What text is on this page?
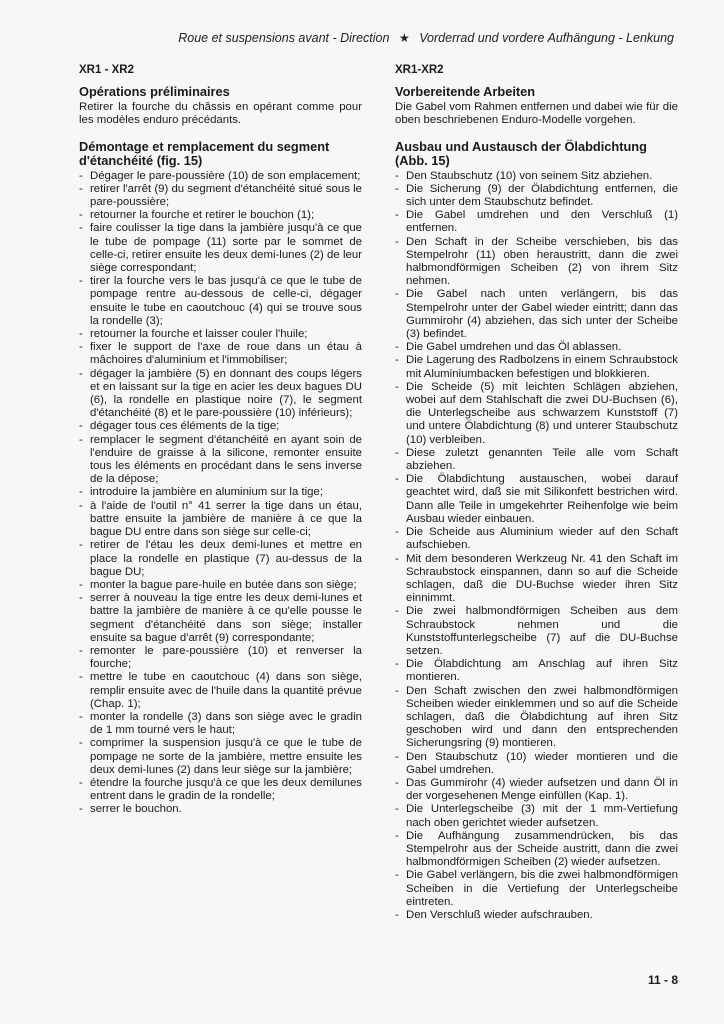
Roue et suspensions avant - Direction ★ Vorderrad und vordere Aufhängung - Lenkung
XR1 - XR2
Opérations préliminaires
Retirer la fourche du châssis en opérant comme pour les modèles enduro précédants.
Démontage et remplacement du segment d'étanchéité (fig. 15)
- Dégager le pare-poussière (10) de son emplacement;
- retirer l'arrêt (9) du segment d'étanchéité situé sous le pare-poussière;
- retourner la fourche et retirer le bouchon (1);
- faire coulisser la tige dans la jambière jusqu'à ce que le tube de pompage (11) sorte par le sommet de celle-ci, retirer ensuite les deux demi-lunes (2) de leur siège correspondant;
- tirer la fourche vers le bas jusqu'à ce que le tube de pompage rentre au-dessous de celle-ci, dégager ensuite le tube en caoutchouc (4) qui se trouve sous la rondelle (3);
- retourner la fourche et laisser couler l'huile;
- fixer le support de l'axe de roue dans un étau à mâchoires d'aluminium et l'immobiliser;
- dégager la jambière (5) en donnant des coups légers et en laissant sur la tige en acier les deux bagues DU (6), la rondelle en plastique noire (7), le segment d'étanchéité (8) et le pare-poussière (10) inférieurs);
- dégager tous ces éléments de la tige;
- remplacer le segment d'étanchéité en ayant soin de l'enduire de graisse à la silicone, remonter ensuite tous les éléments en procédant dans le sens inverse de la dépose;
- introduire la jambière en aluminium sur la tige;
- à l'aide de l'outil n° 41 serrer la tige dans un étau, battre ensuite la jambière de manière à ce que la bague DU entre dans son siège sur celle-ci;
- retirer de l'étau les deux demi-lunes et mettre en place la rondelle en plastique (7) au-dessus de la bague DU;
- monter la bague pare-huile en butée dans son siège;
- serrer à nouveau la tige entre les deux demi-lunes et battre la jambière de manière à ce qu'elle pousse le segment d'étanchéité dans son siège; installer ensuite sa bague d'arrêt (9) correspondante;
- remonter le pare-poussière (10) et renverser la fourche;
- mettre le tube en caoutchouc (4) dans son siège, remplir ensuite avec de l'huile dans la quantité prévue (Chap. 1);
- monter la rondelle (3) dans son siège avec le gradin de 1 mm tourné vers le haut;
- comprimer la suspension jusqu'à ce que le tube de pompage ne sorte de la jambière, mettre ensuite les deux demi-lunes (2) dans leur siège sur la jambière;
- étendre la fourche jusqu'à ce que les deux demilunes entrent dans le gradin de la rondelle;
- serrer le bouchon.
XR1-XR2
Vorbereitende Arbeiten
Die Gabel vom Rahmen entfernen und dabei wie für die oben beschriebenen Enduro-Modelle vorgehen.
Ausbau und Austausch der Ölabdichtung (Abb. 15)
- Den Staubschutz (10) von seinem Sitz abziehen.
- Die Sicherung (9) der Ölabdichtung entfernen, die sich unter dem Staubschutz befindet.
- Die Gabel umdrehen und den Verschluß (1) entfernen.
- Den Schaft in der Scheibe verschieben, bis das Stempelrohr (11) oben heraustritt, dann die zwei halbmondförmigen Scheiben (2) von ihrem Sitz nehmen.
- Die Gabel nach unten verlängern, bis das Stempelrohr unter der Gabel wieder eintritt; dann das Gummirohr (4) abziehen, das sich unter der Scheibe (3) befindet.
- Die Gabel umdrehen und das Öl ablassen.
- Die Lagerung des Radbolzens in einem Schraubstock mit Aluminiumbacken befestigen und blokkieren.
- Die Scheide (5) mit leichten Schlägen abziehen, wobei auf dem Stahlschaft die zwei DU-Buchsen (6), die Unterlegscheibe aus schwarzem Kunststoff (7) und untere Ölabdichtung (8) und unterer Staubschutz (10) verbleiben.
- Diese zuletzt genannten Teile alle vom Schaft abziehen.
- Die Ölabdichtung austauschen, wobei darauf geachtet wird, daß sie mit Silikonfett bestrichen wird. Dann alle Teile in umgekehrter Reihenfolge wie beim Ausbau wieder einbauen.
- Die Scheide aus Aluminium wieder auf den Schaft aufschieben.
- Mit dem besonderen Werkzeug Nr. 41 den Schaft im Schraubstock einspannen, dann so auf die Scheide schlagen, daß die DU-Buchse wieder ihren Sitz einnimmt.
- Die zwei halbmondförmigen Scheiben aus dem Schraubstock nehmen und die Kunststoffunterlegscheibe (7) auf die DU-Buchse setzen.
- Die Ölabdichtung am Anschlag auf ihren Sitz montieren.
- Den Schaft zwischen den zwei halbmondförmigen Scheiben wieder einklemmen und so auf die Scheide schlagen, daß die Ölabdichtung auf ihren Sitz geschoben wird und dann den entsprechenden Sicherungsring (9) montieren.
- Den Staubschutz (10) wieder montieren und die Gabel umdrehen.
- Das Gummirohr (4) wieder aufsetzen und dann Öl in der vorgesehenen Menge einfüllen (Kap. 1).
- Die Unterlegscheibe (3) mit der 1 mm-Vertiefung nach oben gerichtet wieder aufsetzen.
- Die Aufhängung zusammendrücken, bis das Stempelrohr aus der Scheide austritt, dann die zwei halbmondförmigen Scheiben (2) wieder aufsetzen.
- Die Gabel verlängern, bis die zwei halbmondförmigen Scheiben in die Vertiefung der Unterlegscheibe eintreten.
- Den Verschluß wieder aufschrauben.
11 - 8
